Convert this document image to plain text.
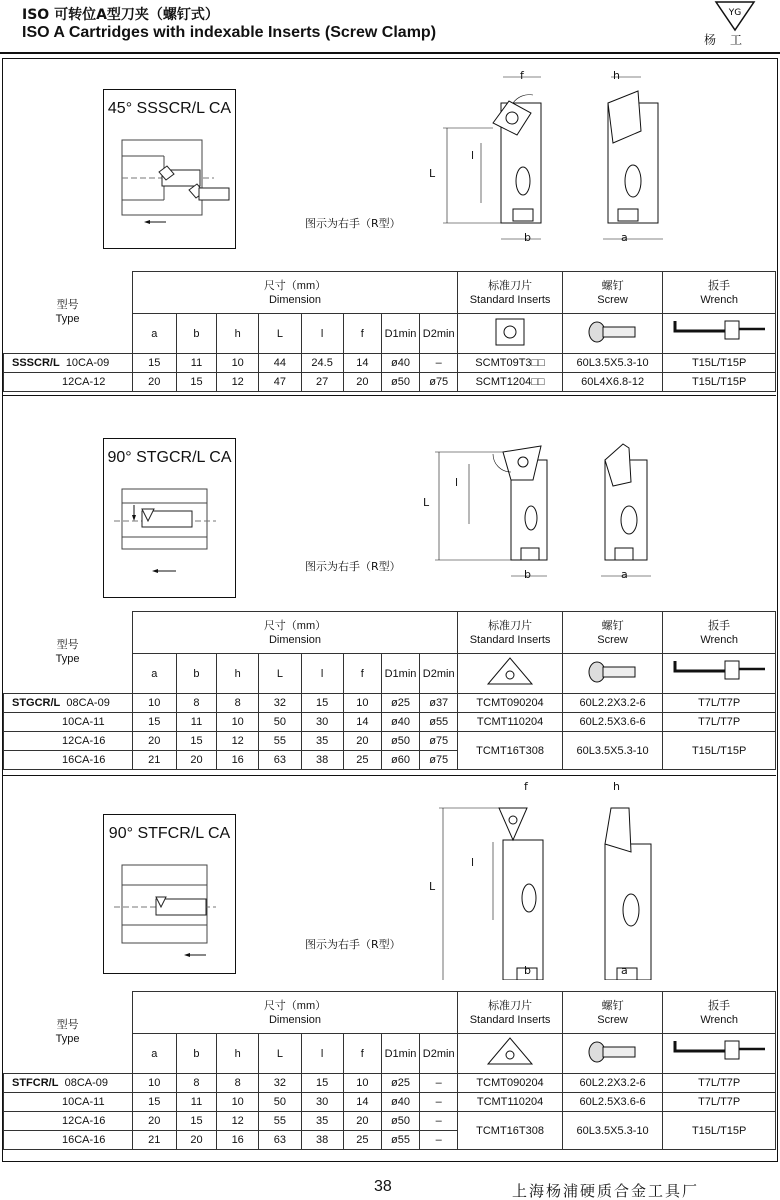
ISO 可转位A型刀夹（螺钉式）
ISO A Cartridges with indexable Inserts (Screw Clamp)
YG
杨工
45° SSSCR/L CA
f	h
L
l
b	a
图示为右手（R型）
型号
Type	尺寸（mm）
Dimension								标准刀片
Standard Inserts	螺钉
Screw	扳手
Wrench

	a	b	h	L	l	f	D1min	D2min			
SSSCR/L 10CA-09	15	11	10	44	24.5	14	ø40	–	SCMT09T3□□	60L3.5X5.3-10	T15L/T15P
12CA-12	20	15	12	47	27	20	ø50	ø75	SCMT1204□□	60L4X6.8-12	T15L/T15P
90° STGCR/L CA
L
l
b	a
图示为右手（R型）
型号
Type	尺寸（mm）
Dimension								标准刀片
Standard Inserts	螺钉
Screw	扳手
Wrench

	a	b	h	L	l	f	D1min	D2min			
STGCR/L 08CA-09	10	8	8	32	15	10	ø25	ø37	TCMT090204	60L2.2X3.2-6	T7L/T7P
10CA-11	15	11	10	50	30	14	ø40	ø55	TCMT110204	60L2.5X3.6-6	T7L/T7P
12CA-16	20	15	12	55	35	20	ø50	ø75	TCMT16T308	60L3.5X5.3-10	T15L/T15P
16CA-16	21	20	16	63	38	25	ø60	ø75			
90° STFCR/L CA
L
l
f	h
b	a
图示为右手（R型）
型号
Type	尺寸（mm）
Dimension								标准刀片
Standard Inserts	螺钉
Screw	扳手
Wrench

	a	b	h	L	l	f	D1min	D2min			
STFCR/L 08CA-09	10	8	8	32	15	10	ø25	–	TCMT090204	60L2.2X3.2-6	T7L/T7P
10CA-11	15	11	10	50	30	14	ø40	–	TCMT110204	60L2.5X3.6-6	T7L/T7P
12CA-16	20	15	12	55	35	20	ø50	–	TCMT16T308	60L3.5X5.3-10	T15L/T15P
16CA-16	21	20	16	63	38	25	ø55	–			
38	上海杨浦硬质合金工具厂
